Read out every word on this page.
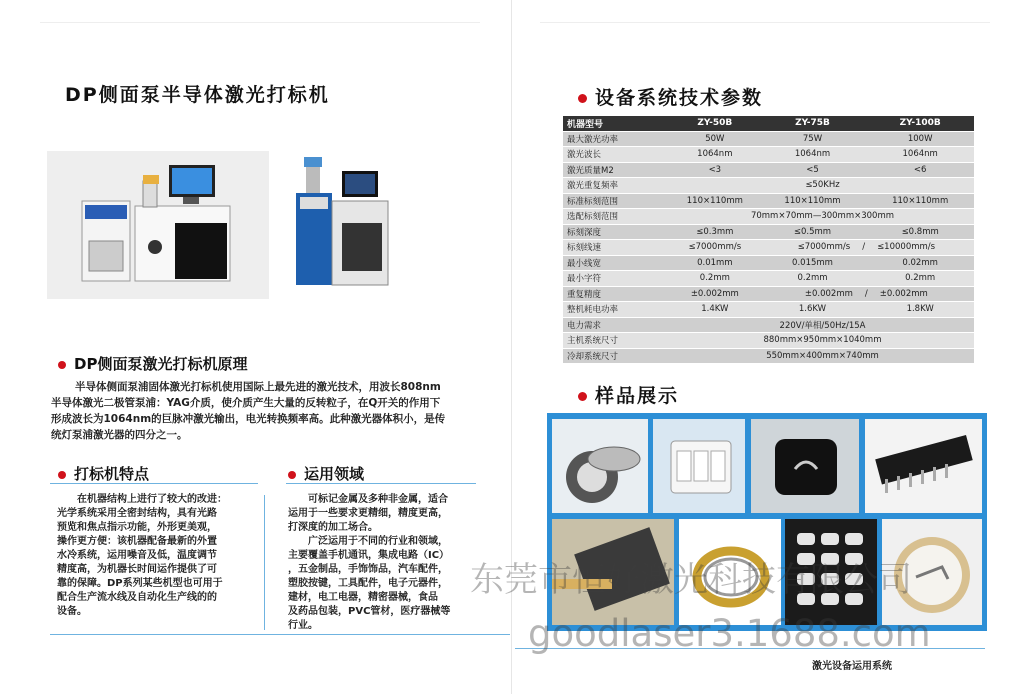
DP侧面泵半导体激光打标机
DP侧面泵激光打标机原理
半导体侧面泵浦固体激光打标机使用国际上最先进的激光技术，用波长808nm
半导体激光二极管泵浦：YAG介质，使介质产生大量的反转粒子，在Q开关的作用下
形成波长为1064nm的巨脉冲激光输出，电光转换频率高。此种激光器体积小，是传
统灯泵浦激光器的四分之一。
打标机特点	运用领域
在机器结构上进行了较大的改进：
光学系统采用全密封结构，具有光路
预览和焦点指示功能，外形更美观，
操作更方便：该机器配备最新的外置
水冷系统，运用噪音及低，温度调节
精度高，为机器长时间运作提供了可
靠的保障。DP系列某些机型也可用于
配合生产流水线及自动化生产线的的
设备。
可标记金属及多种非金属，适合
运用于一些要求更精细，精度更高，
打深度的加工场合。
广泛运用于不同的行业和领域，
主要覆盖手机通讯，集成电路（IC）
，五金制品，手饰饰品，汽车配件，
塑胶按键，工具配件，电子元器件，
建材，电工电器，精密器械，食品
及药品包装，PVC管材，医疗器械等
行业。
设备系统技术参数
机器型号	ZY-50B	ZY-75B	ZY-100B
最大激光功率	50W	75W	100W
激光波长	1064nm	1064nm	1064nm
激光质量M2	<3	<5	<6
激光重复频率	≤50KHz		
标准标刻范围	110×110mm	110×110mm	110×110mm
选配标刻范围	70mm×70mm—300mm×300mm		
标刻深度	≤0.3mm	≤0.5mm	≤0.8mm
标刻线速	≤7000mm/s	≤7000mm/s / ≤10000mm/s	
最小线宽	0.01mm	0.015mm	0.02mm
最小字符	0.2mm	0.2mm	0.2mm
重复精度	±0.002mm	±0.002mm / ±0.002mm	
整机耗电功率	1.4KW	1.6KW	1.8KW
电力需求	220V/单相/50Hz/15A		
主机系统尺寸	880mm×950mm×1040mm		
冷却系统尺寸	550mm×400mm×740mm		
样品展示
激光设备运用系统
东莞市恒好激光科技有限公司
goodlaser3.1688.com
